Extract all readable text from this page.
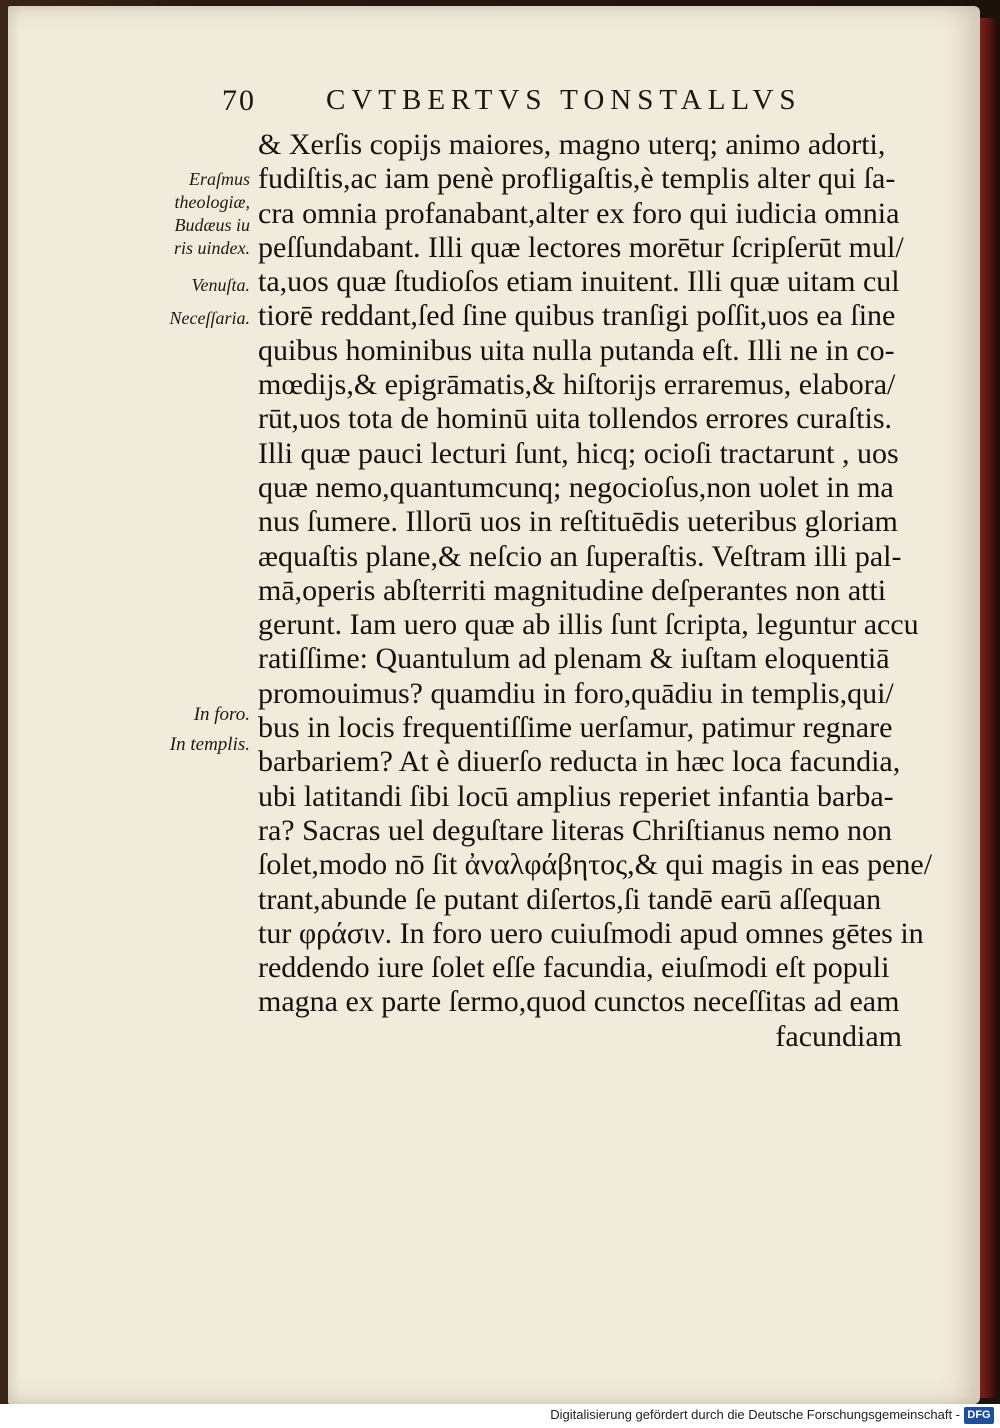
70 CVTBERTVS TONSTALLVS
Eraſmus
theologiæ,
Budæus iu
ris uindex.
Venuſta.
Neceſſaria.
In foro.
In templis.
& Xerſis copijs maiores, magno uterq; animo adorti,
fudiſtis,ac iam penè profligaſtis,è templis alter qui ſa-
cra omnia profanabant,alter ex foro qui iudicia omnia
peſſundabant. Illi quæ lectores morētur ſcripſerūt mul/
ta,uos quæ ſtudioſos etiam inuitent. Illi quæ uitam cul
tiorē reddant,ſed ſine quibus tranſigi poſſit,uos ea ſine
quibus hominibus uita nulla putanda eſt. Illi ne in co-
mœdijs,& epigrāmatis,& hiſtorijs erraremus, elabora/
rūt,uos tota de hominū uita tollendos errores curaſtis.
Illi quæ pauci lecturi ſunt, hicq; ocioſi tractarunt , uos
quæ nemo,quantumcunq; negocioſus,non uolet in ma
nus ſumere. Illorū uos in reſtituēdis ueteribus gloriam
æquaſtis plane,& neſcio an ſuperaſtis. Veſtram illi pal-
mā,operis abſterriti magnitudine deſperantes non atti
gerunt. Iam uero quæ ab illis ſunt ſcripta, leguntur accu
ratiſſime: Quantulum ad plenam & iuſtam eloquentiā
promouimus? quamdiu in foro,quādiu in templis,qui/
bus in locis frequentiſſime uerſamur, patimur regnare
barbariem? At è diuerſo reducta in hæc loca facundia,
ubi latitandi ſibi locū amplius reperiet infantia barba-
ra? Sacras uel deguſtare literas Chriſtianus nemo non
ſolet,modo nō ſit ἀναλφάβητος,& qui magis in eas pene/
trant,abunde ſe putant diſertos,ſi tandē earū aſſequan
tur φράσιν. In foro uero cuiuſmodi apud omnes gētes in
reddendo iure ſolet eſſe facundia, eiuſmodi eſt populi
magna ex parte ſermo,quod cunctos neceſſitas ad eam
facundiam
Digitalisierung gefördert durch die Deutsche Forschungsgemeinschaft - DFG
